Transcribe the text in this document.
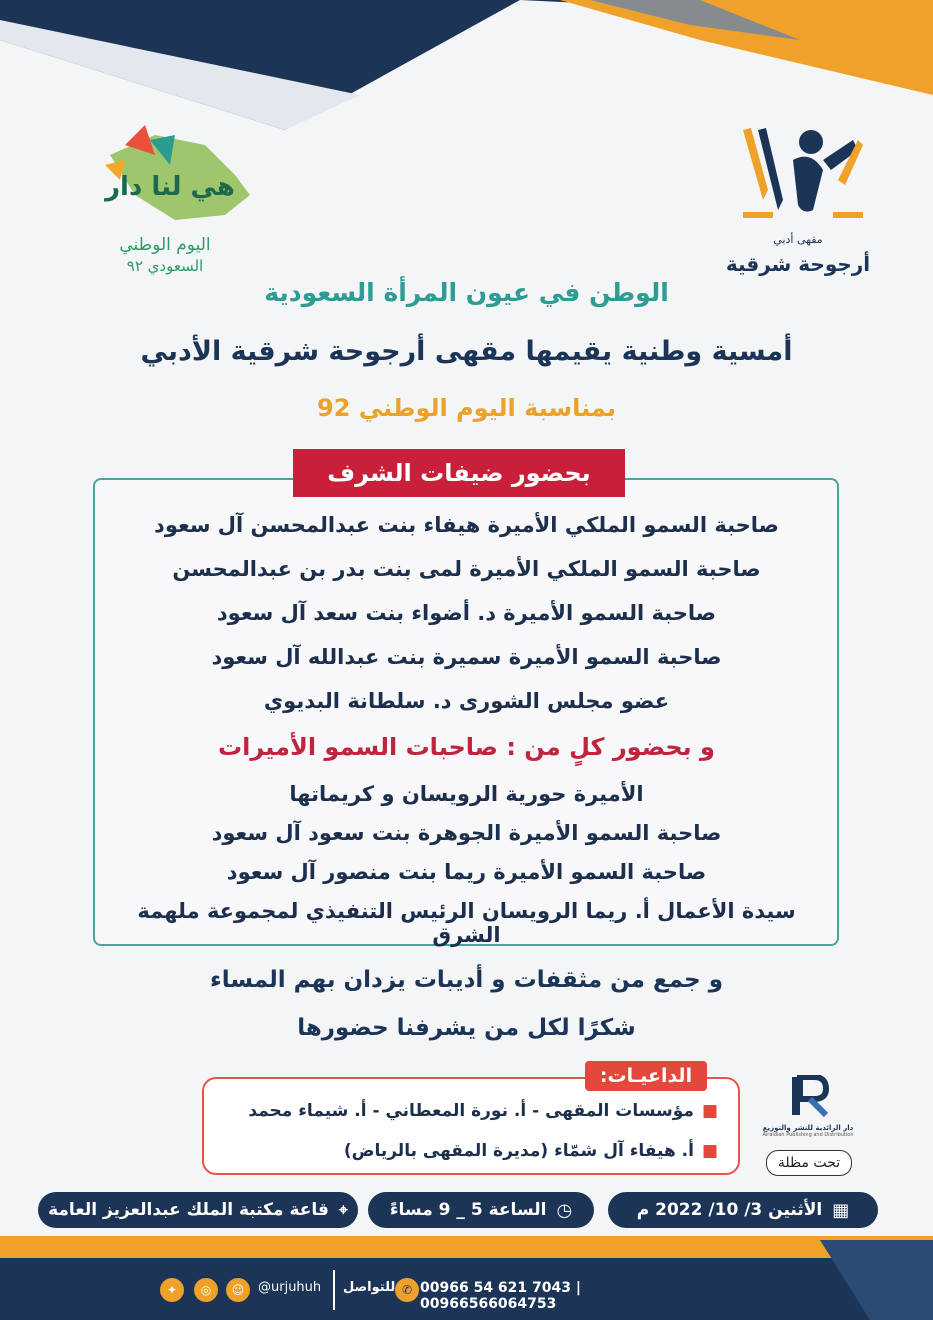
مقهى أدبي
أرجوحة شرقية
هي لنا دار
اليوم الوطني
السعودي ٩٢
الوطن في عيون المرأة السعودية
أمسية وطنية يقيمها مقهى أرجوحة شرقية الأدبي
بمناسبة اليوم الوطني 92
بحضور ضيفات الشرف
صاحبة السمو الملكي الأميرة هيفاء بنت عبدالمحسن آل سعود
صاحبة السمو الملكي الأميرة لمى بنت بدر بن عبدالمحسن
صاحبة السمو الأميرة د. أضواء بنت سعد آل سعود
صاحبة السمو الأميرة سميرة بنت عبدالله آل سعود
عضو مجلس الشورى د. سلطانة البديوي
و بحضور كلٍ من : صاحبات السمو الأميرات
الأميرة حورية الرويسان و كريماتها
صاحبة السمو الأميرة الجوهرة بنت سعود آل سعود
صاحبة السمو الأميرة ريما بنت منصور آل سعود
سيدة الأعمال أ. ريما الرويسان الرئيس التنفيذي لمجموعة ملهمة الشرق
و جمع من مثقفات و أديبات يزدان بهم المساء
شكرًا لكل من يشرفنا حضورها
الداعيـات:
■مؤسسات المقهى - أ. نورة المعطاني - أ. شيماء محمد
■أ. هيفاء آل شمّاء (مديرة المقهى بالرياض)
دار الرائدية للنشر والتوزيع
Alraidiah Publishing and Distribution
تحت مظلة
▦
الأثنين 3/ 10/ 2022 م
◷
الساعة 5 _ 9 مساءً
⌖
قاعة مكتبة الملك عبدالعزيز العامة
00966 54 621 7043 | 00966566064753
للتواصل ✆
@urjuhuh
☺
◎
✦
